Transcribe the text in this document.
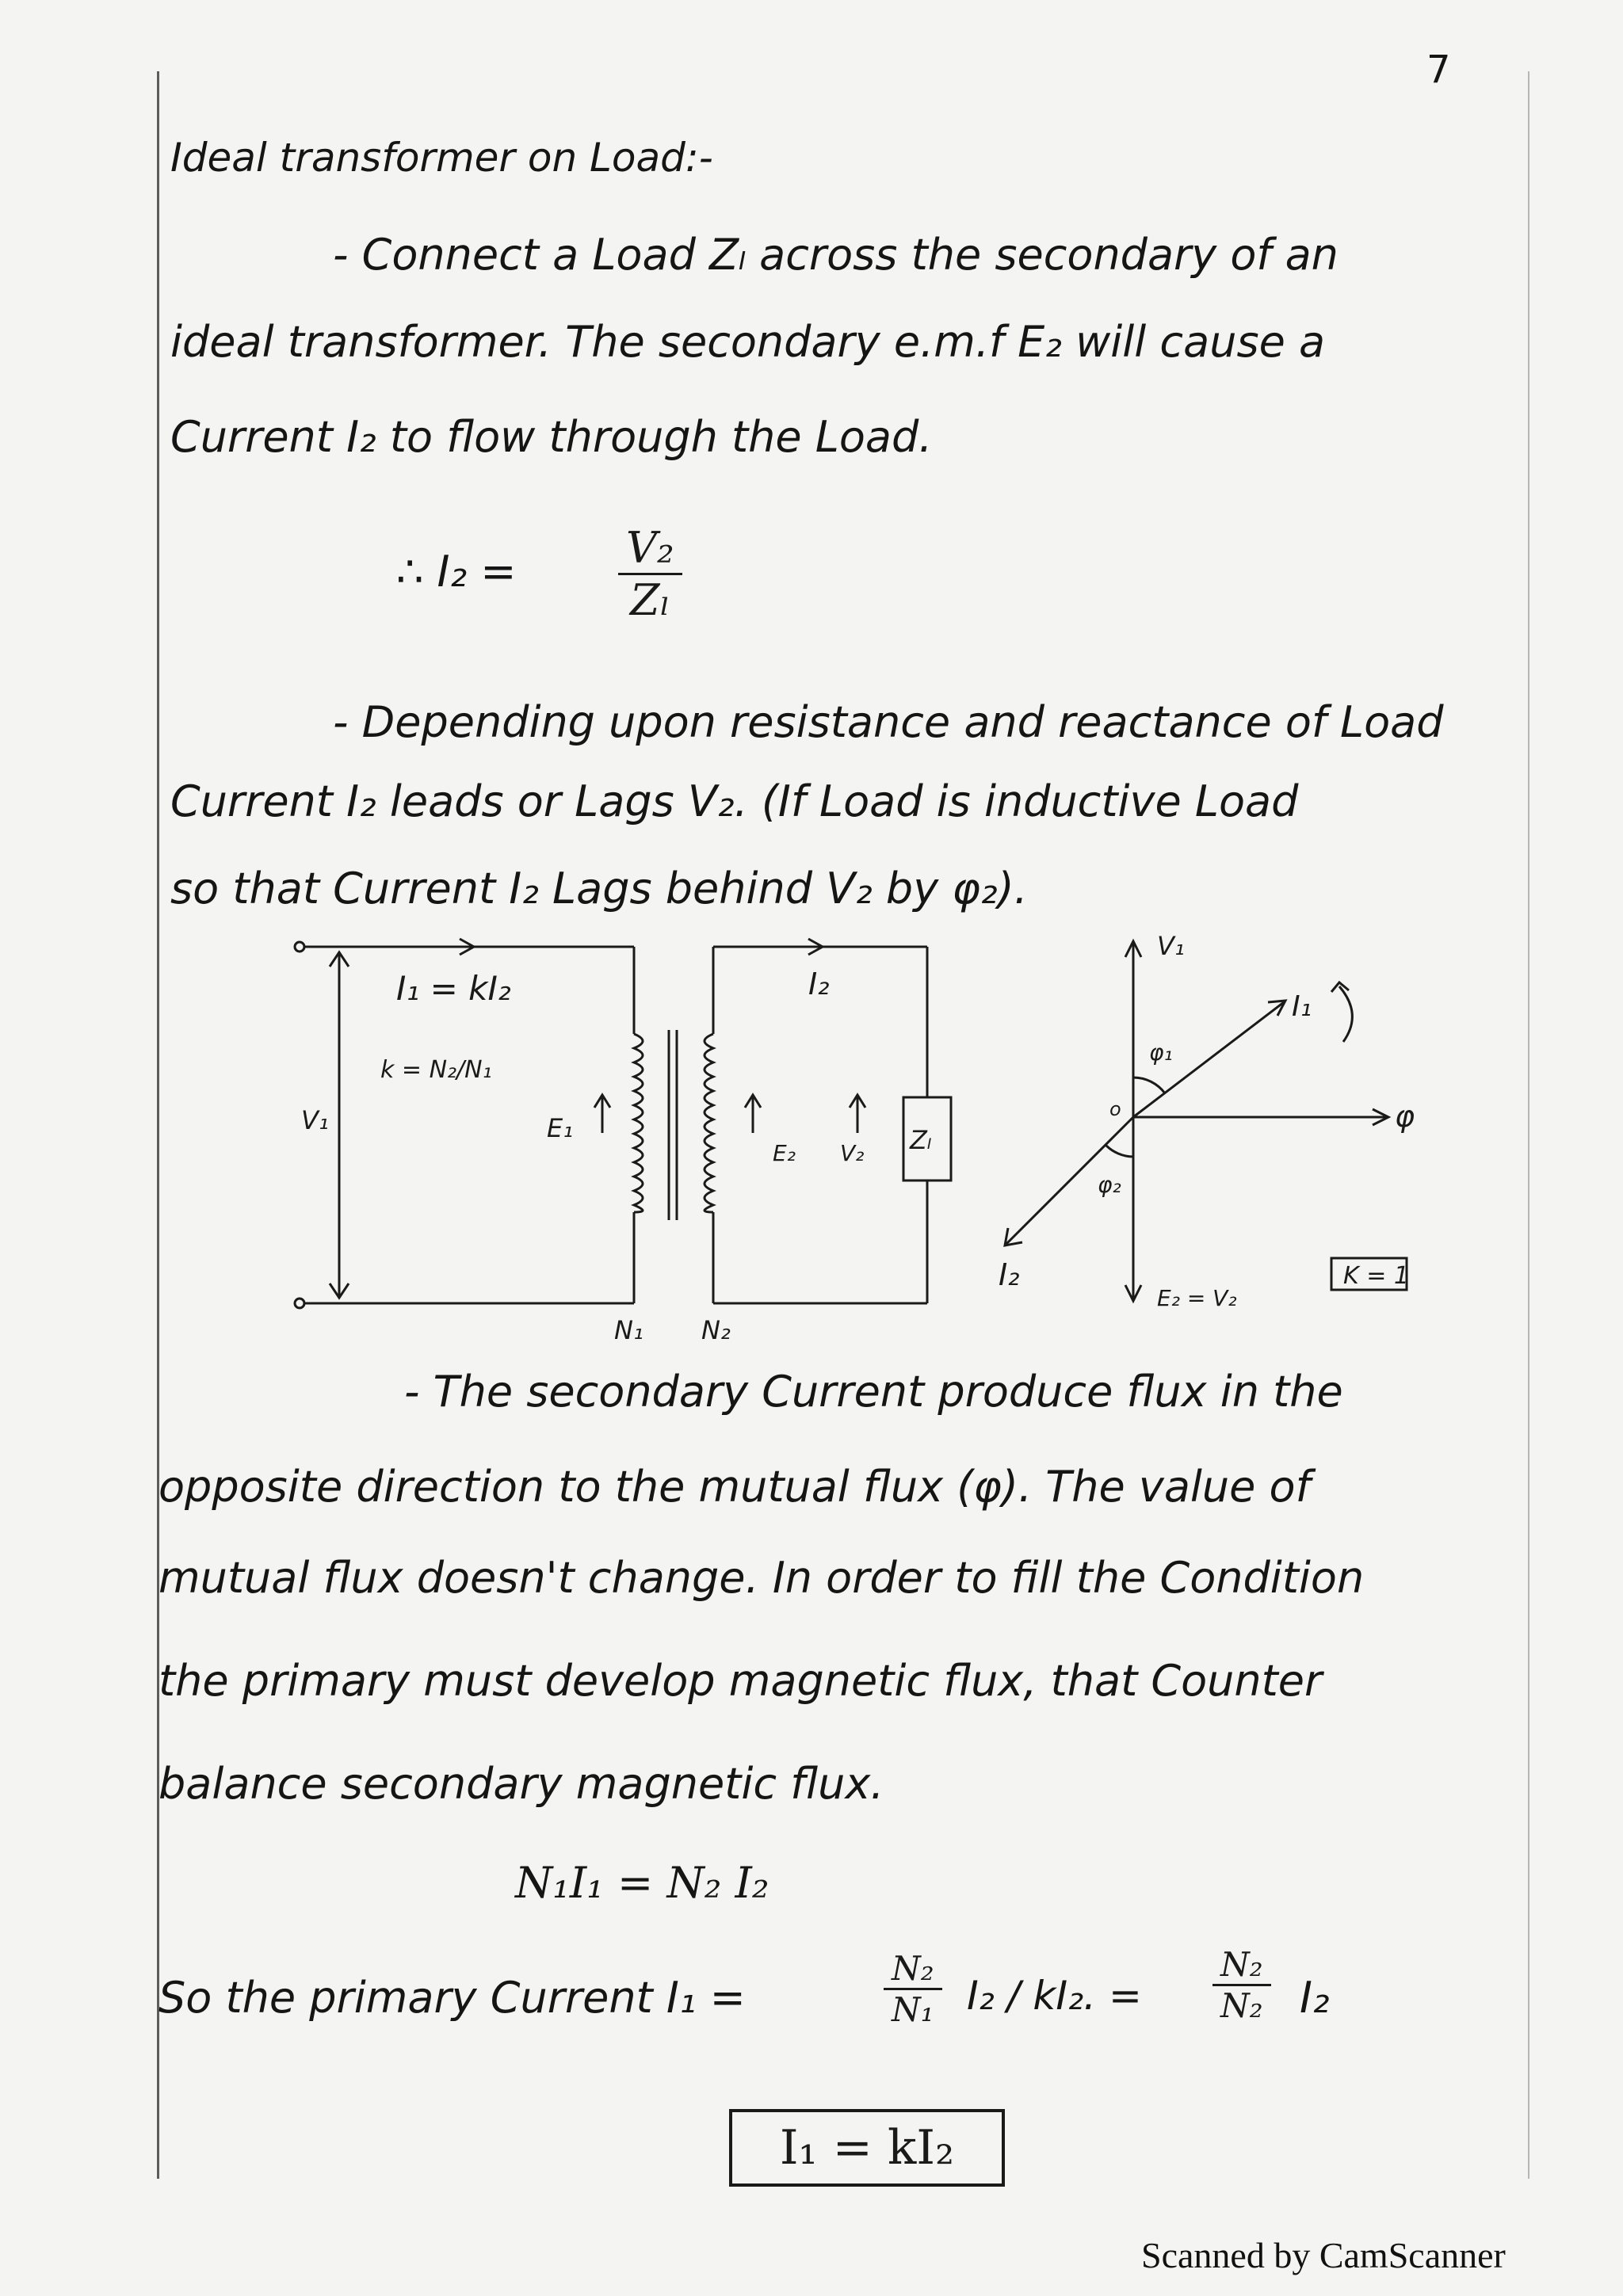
7
Ideal transformer on Load:-
- Connect a Load Zₗ across the secondary of an
ideal transformer. The secondary e.m.f E₂ will cause a
Current I₂ to flow through the Load.
∴ I₂ =	V₂
Zₗ
- Depending upon resistance and reactance of Load
Current I₂ leads or Lags V₂. (If Load is inductive Load
so that Current I₂ Lags behind V₂ by φ₂).
I₁ = kI₂
k = N₂/N₁
V₁	E₁
E₂ V₂
I₂
Zₗ
N₁ N₂
V₁
I₁
φ₁
o	φ
φ₂
I₂
E₂ = V₂
K = 1
- The secondary Current produce flux in the
opposite direction to the mutual flux (φ). The value of
mutual flux doesn't change. In order to fill the Condition
the primary must develop magnetic flux, that Counter
balance secondary magnetic flux.
N₁I₁ = N₂ I₂
So the primary Current I₁ =
N₂
N₁ I₂ / kI₂. =
N₂
N₂ I₂
I₁ = kI₂
Scanned by CamScanner
